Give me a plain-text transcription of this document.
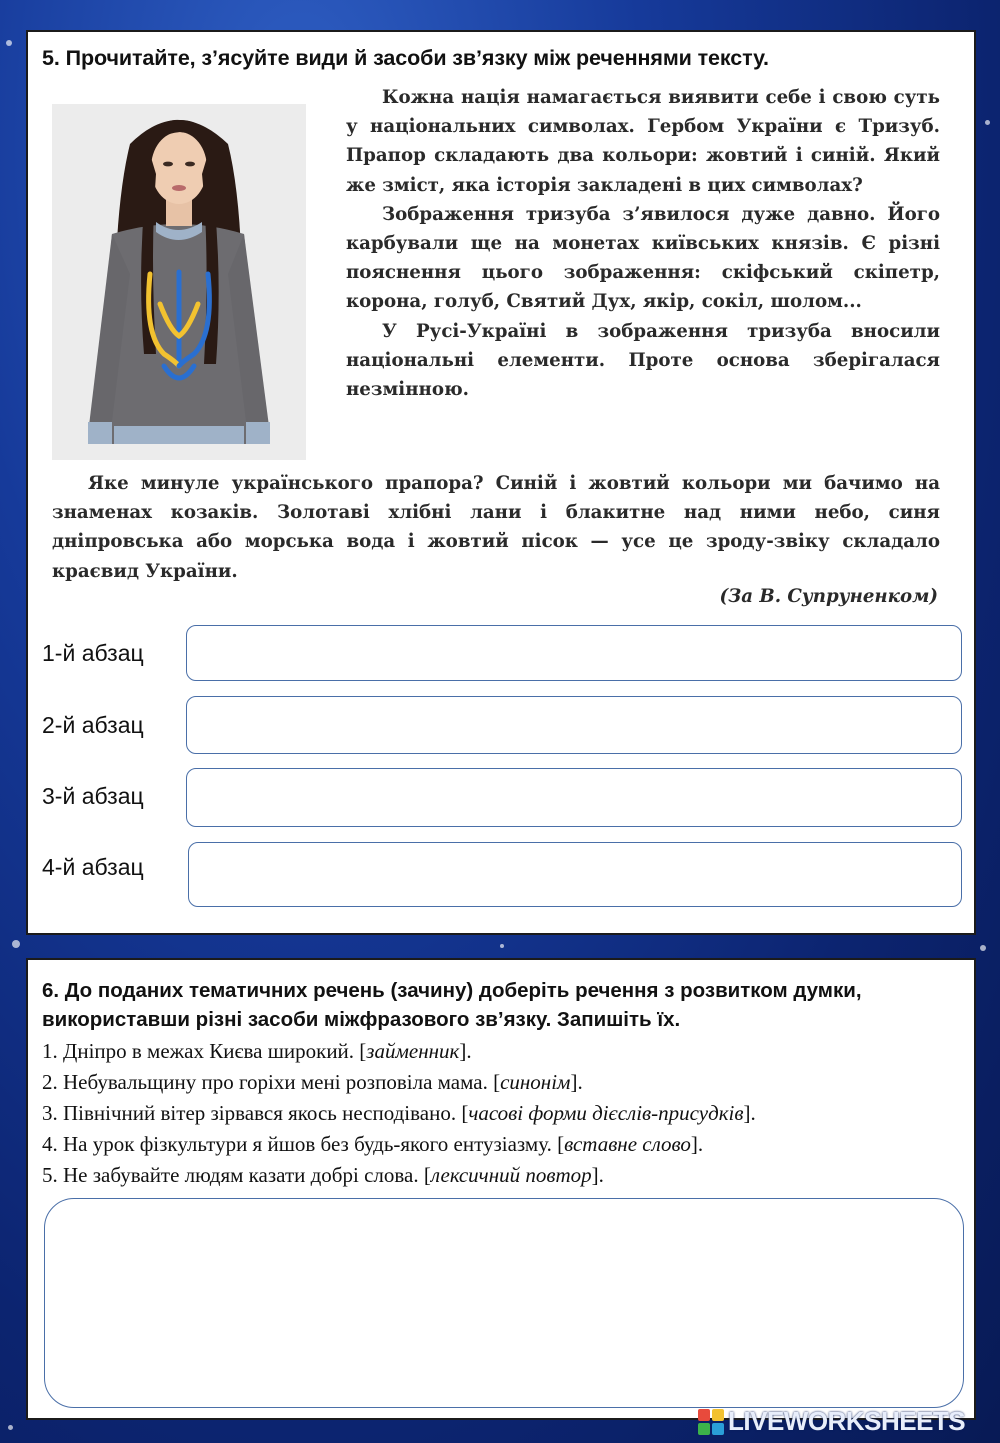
5. Прочитайте, з’ясуйте види й засоби зв’язку між реченнями тексту.

Кожна нація намагається виявити себе і свою суть у національних символах. Гербом України є Тризуб. Прапор складають два кольори: жовтий і синій. Який же зміст, яка історія закладені в цих символах?

Зображення тризуба з’явилося дуже давно. Його карбували ще на монетах київських князів. Є різні пояснення цього зображення: скіфський скіпетр, корона, голуб, Святий Дух, якір, сокіл, шолом...

У Русі-Україні в зображення тризуба вносили національні елементи. Проте основа зберігалася незмінною.

Яке минуле українського прапора? Синій і жовтий кольори ми бачимо на знаменах козаків. Золотаві хлібні лани і блакитне над ними небо, синя дніпровська або морська вода і жовтий пісок — усе це зроду-звіку складало краєвид України.

(За В. Супруненком)
1-й абзац
2-й абзац
3-й абзац
4-й абзац
6. До поданих тематичних речень (зачину) доберіть речення з розвитком думки, використавши різні засоби міжфразового зв’язку. Запишіть їх.
1. Дніпро в межах Києва широкий. [займенник].
2. Небувальщину про горіхи мені розповіла мама. [синонім].
3. Північний вітер зірвався якось несподівано. [часові форми дієслів-присудків].
4. На урок фізкультури я йшов без будь-якого ентузіазму. [вставне слово].
5. Не забувайте людям казати добрі слова. [лексичний повтор].
LIVEWORKSHEETS
